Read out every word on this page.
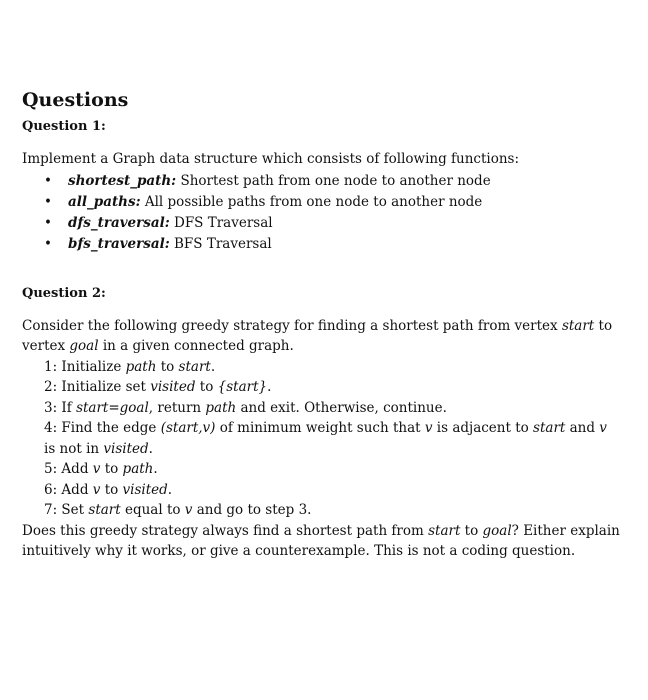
Questions

Question 1:

Implement a Graph data structure which consists of following functions:

• shortest_path: Shortest path from one node to another node
• all_paths: All possible paths from one node to another node
• dfs_traversal: DFS Traversal
• bfs_traversal: BFS Traversal

Question 2:

Consider the following greedy strategy for finding a shortest path from vertex start to vertex goal in a given connected graph.

1: Initialize path to start.
2: Initialize set visited to {start}.
3: If start=goal, return path and exit. Otherwise, continue.
4: Find the edge (start,v) of minimum weight such that v is adjacent to start and v is not in visited.
5: Add v to path.
6: Add v to visited.
7: Set start equal to v and go to step 3.

Does this greedy strategy always find a shortest path from start to goal? Either explain intuitively why it works, or give a counterexample. This is not a coding question.
